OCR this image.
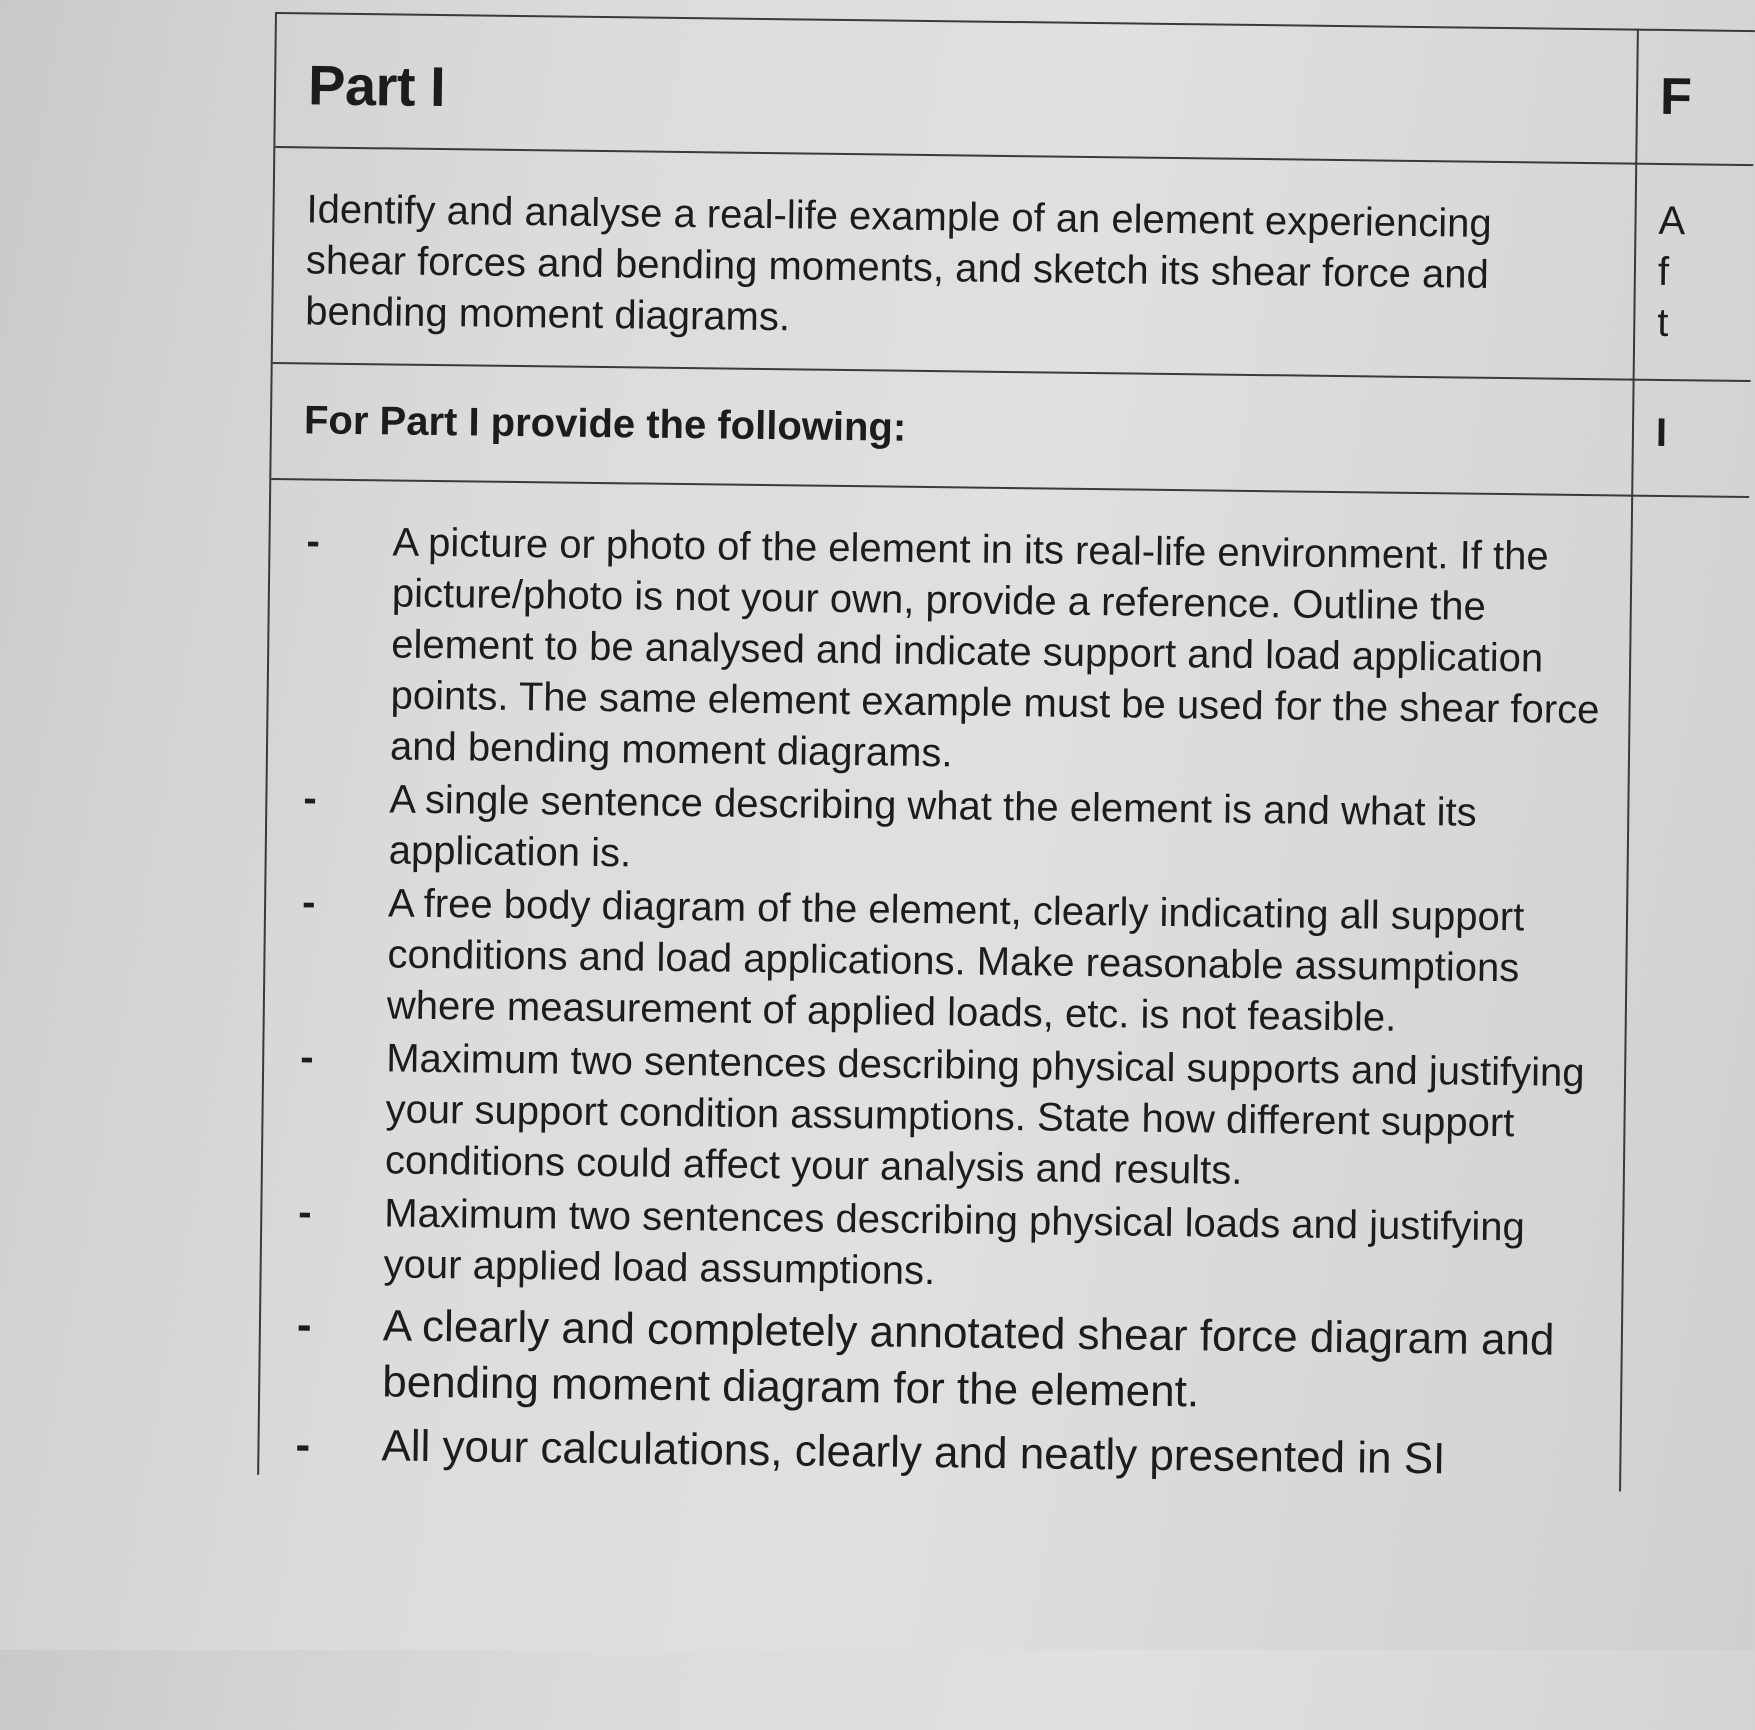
Part I
Identify and analyse a real-life example of an element experiencing shear forces and bending moments, and sketch its shear force and bending moment diagrams.
For Part I provide the following:
- A picture or photo of the element in its real-life environment. If the picture/photo is not your own, provide a reference. Outline the element to be analysed and indicate support and load application points. The same element example must be used for the shear force and bending moment diagrams.
- A single sentence describing what the element is and what its application is.
- A free body diagram of the element, clearly indicating all support conditions and load applications. Make reasonable assumptions where measurement of applied loads, etc. is not feasible.
- Maximum two sentences describing physical supports and justifying your support condition assumptions. State how different support conditions could affect your analysis and results.
- Maximum two sentences describing physical loads and justifying your applied load assumptions.
- A clearly and completely annotated shear force diagram and bending moment diagram for the element.
- All your calculations, clearly and neatly presented in SI
F
A
f
t
I
